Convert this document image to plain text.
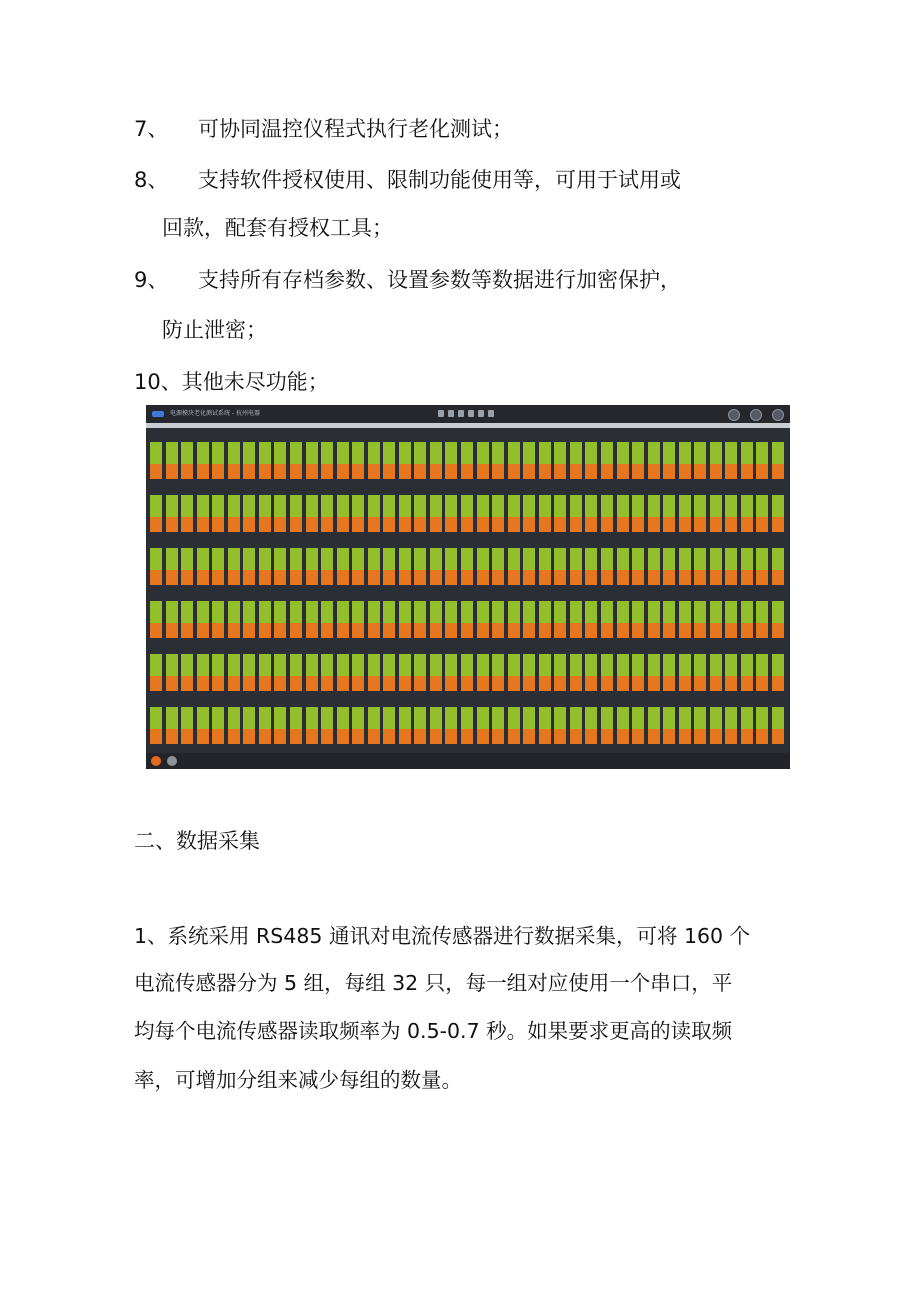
7、 可协同温控仪程式执行老化测试；
8、 支持软件授权使用、限制功能使用等，可用于试用或
回款，配套有授权工具；
9、 支持所有存档参数、设置参数等数据进行加密保护，
防止泄密；
10、其他未尽功能；
电源模块老化测试系统 - 杭州电器
二、数据采集
1、系统采用 RS485 通讯对电流传感器进行数据采集，可将 160 个
电流传感器分为 5 组，每组 32 只，每一组对应使用一个串口，平
均每个电流传感器读取频率为 0.5-0.7 秒。如果要求更高的读取频
率，可增加分组来减少每组的数量。
